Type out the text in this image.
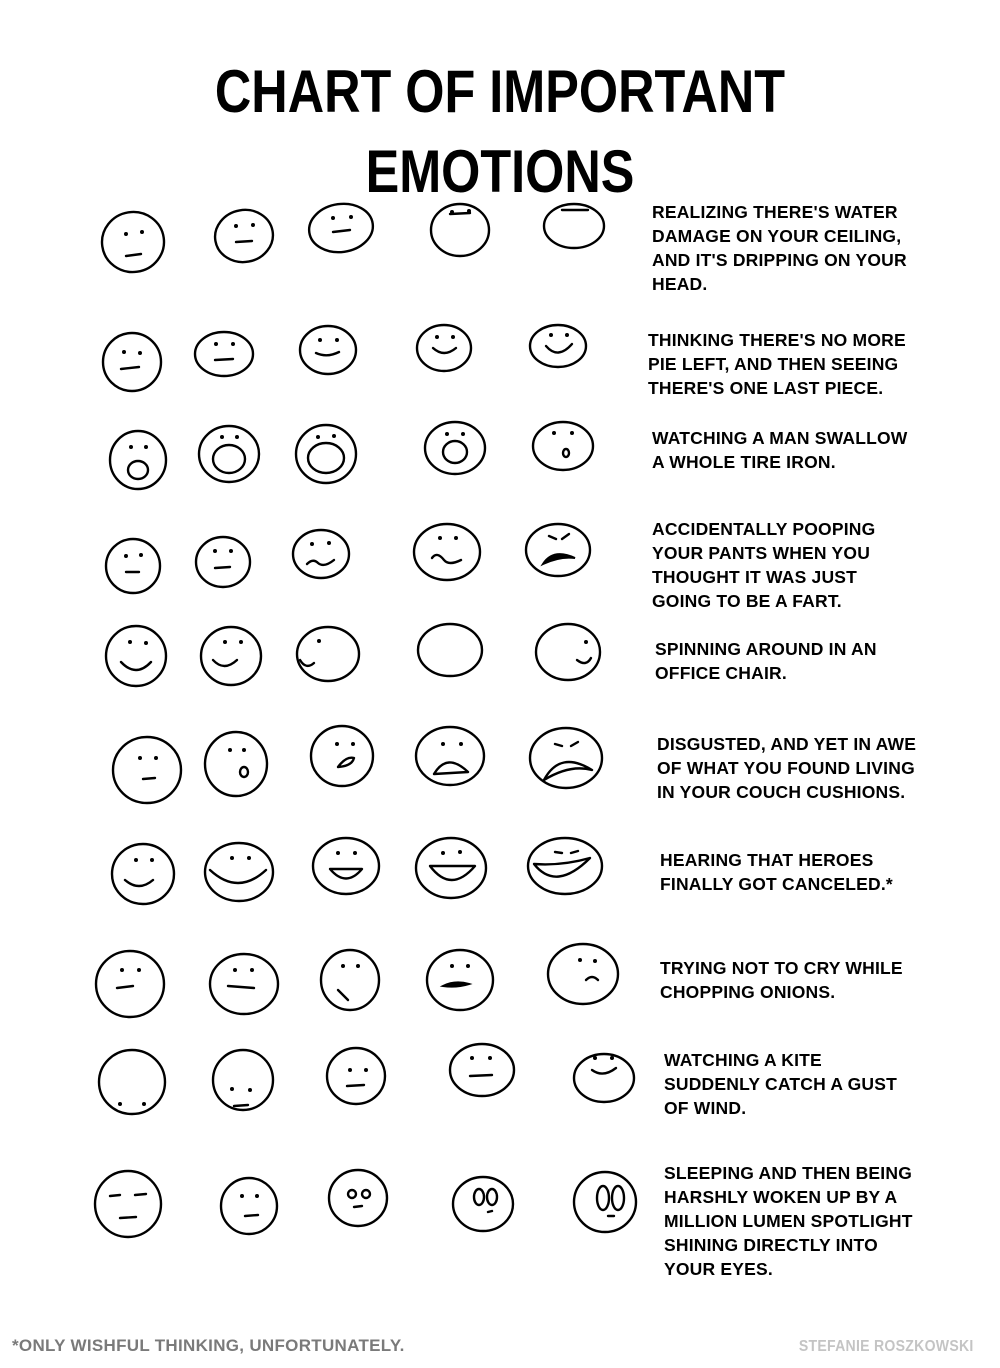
CHART OF IMPORTANT EMOTIONS
REALIZING THERE'S WATER
DAMAGE ON YOUR CEILING,
AND IT'S DRIPPING ON YOUR
HEAD.
THINKING THERE'S NO MORE
PIE LEFT, AND THEN SEEING
THERE'S ONE LAST PIECE.
WATCHING A MAN SWALLOW
A WHOLE TIRE IRON.
ACCIDENTALLY POOPING
YOUR PANTS WHEN YOU
THOUGHT IT WAS JUST
GOING TO BE A FART.
SPINNING AROUND IN AN
OFFICE CHAIR.
DISGUSTED, AND YET IN AWE
OF WHAT YOU FOUND LIVING
IN YOUR COUCH CUSHIONS.
HEARING THAT HEROES
FINALLY GOT CANCELED.*
TRYING NOT TO CRY WHILE
CHOPPING ONIONS.
WATCHING A KITE
SUDDENLY CATCH A GUST
OF WIND.
SLEEPING AND THEN BEING
HARSHLY WOKEN UP BY A
MILLION LUMEN SPOTLIGHT
SHINING DIRECTLY INTO
YOUR EYES.
*ONLY WISHFUL THINKING, UNFORTUNATELY.	STEFANIE ROSZKOWSKI
